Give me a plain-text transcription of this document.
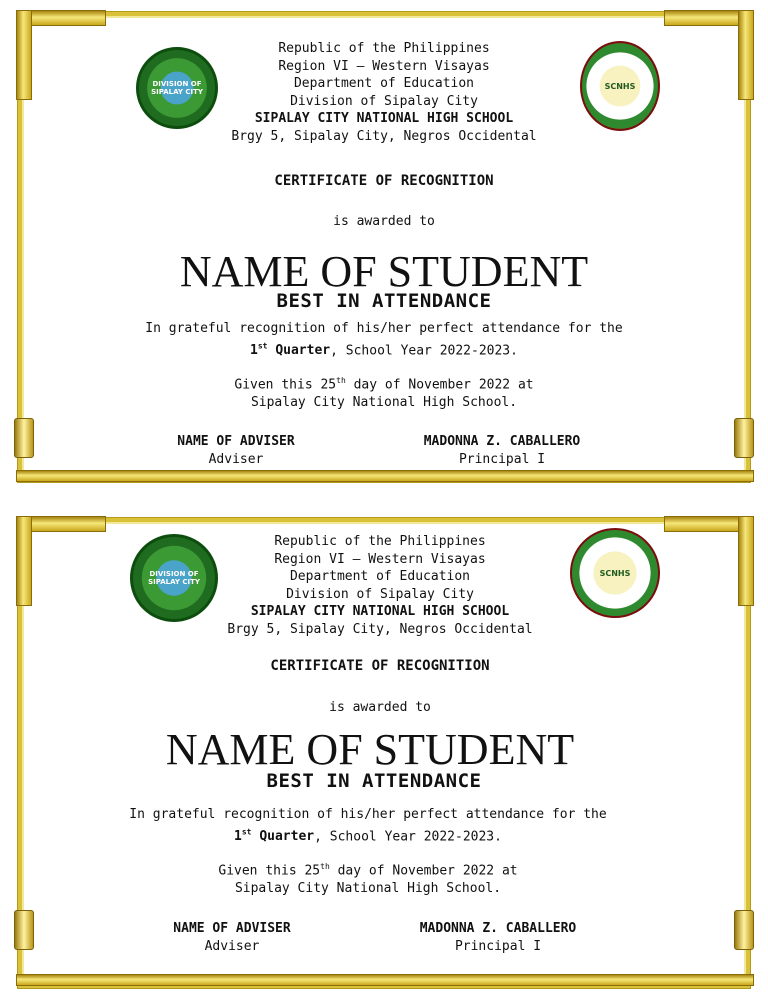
DIVISION OF SIPALAY CITY
SCNHS
Republic of the Philippines
Region VI – Western Visayas
Department of Education
Division of Sipalay City
SIPALAY CITY NATIONAL HIGH SCHOOL
Brgy 5, Sipalay City, Negros Occidental
CERTIFICATE OF RECOGNITION
is awarded to
NAME OF STUDENT
BEST IN ATTENDANCE
In grateful recognition of his/her perfect attendance for the
1st Quarter, School Year 2022-2023.
Given this 25th day of November 2022 at
Sipalay City National High School.
NAME OF ADVISER
Adviser
MADONNA Z. CABALLERO
Principal I
DIVISION OF SIPALAY CITY
SCNHS
Republic of the Philippines
Region VI – Western Visayas
Department of Education
Division of Sipalay City
SIPALAY CITY NATIONAL HIGH SCHOOL
Brgy 5, Sipalay City, Negros Occidental
CERTIFICATE OF RECOGNITION
is awarded to
NAME OF STUDENT
BEST IN ATTENDANCE
In grateful recognition of his/her perfect attendance for the
1st Quarter, School Year 2022-2023.
Given this 25th day of November 2022 at
Sipalay City National High School.
NAME OF ADVISER
Adviser
MADONNA Z. CABALLERO
Principal I
